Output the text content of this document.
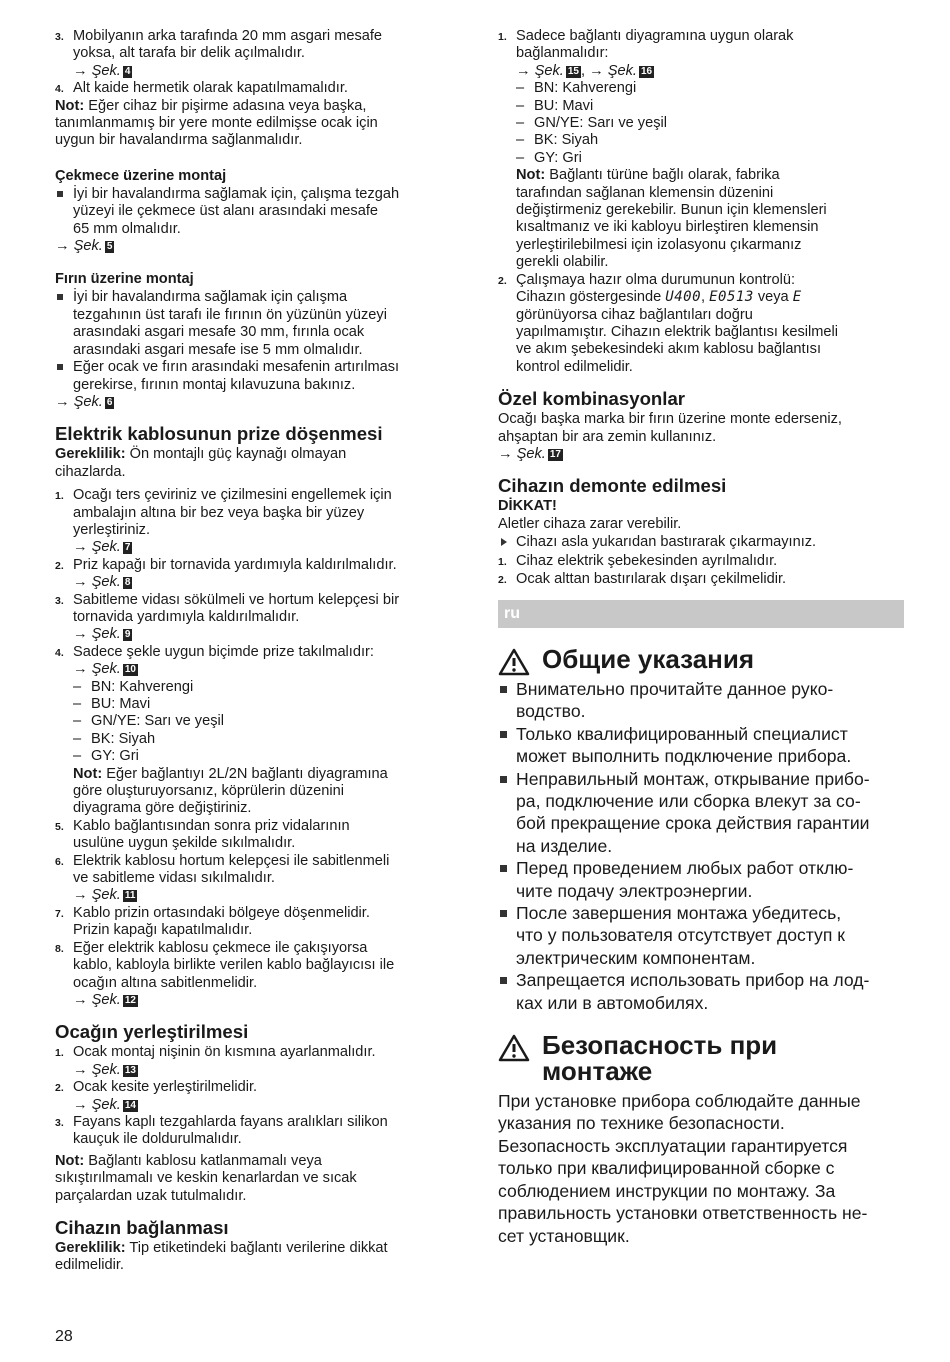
3. Mobilyanın arka tarafında 20 mm asgari mesafe
yoksa, alt tarafa bir delik açılmalıdır.
→ Şek. 4
4. Alt kaide hermetik olarak kapatılmamalıdır.
Not: Eğer cihaz bir pişirme adasına veya başka,
tanımlanmamış bir yere monte edilmişse ocak için
uygun bir havalandırma sağlanmalıdır.
Çekmece üzerine montaj
İyi bir havalandırma sağlamak için, çalışma tezgah
yüzeyi ile çekmece üst alanı arasındaki mesafe
65 mm olmalıdır.
→ Şek. 5
Fırın üzerine montaj
İyi bir havalandırma sağlamak için çalışma
tezgahının üst tarafı ile fırının ön yüzünün yüzeyi
arasındaki asgari mesafe 30 mm, fırınla ocak
arasındaki asgari mesafe ise 5 mm olmalıdır.
Eğer ocak ve fırın arasındaki mesafenin artırılması
gerekirse, fırının montaj kılavuzuna bakınız.
→ Şek. 6
Elektrik kablosunun prize döşenmesi
Gereklilik: Ön montajlı güç kaynağı olmayan
cihazlarda.
1. Ocağı ters çeviriniz ve çizilmesini engellemek için
ambalajın altına bir bez veya başka bir yüzey
yerleştiriniz.
→ Şek. 7
2. Priz kapağı bir tornavida yardımıyla kaldırılmalıdır.
→ Şek. 8
3. Sabitleme vidası sökülmeli ve hortum kelepçesi bir
tornavida yardımıyla kaldırılmalıdır.
→ Şek. 9
4. Sadece şekle uygun biçimde prize takılmalıdır:
→ Şek. 10
– BN: Kahverengi
– BU: Mavi
– GN/YE: Sarı ve yeşil
– BK: Siyah
– GY: Gri
Not: Eğer bağlantıyı 2L/2N bağlantı diyagramına
göre oluşturuyorsanız, köprülerin düzenini
diyagrama göre değiştiriniz.
5. Kablo bağlantısından sonra priz vidalarının
usulüne uygun şekilde sıkılmalıdır.
6. Elektrik kablosu hortum kelepçesi ile sabitlenmeli
ve sabitleme vidası sıkılmalıdır.
→ Şek. 11
7. Kablo prizin ortasındaki bölgeye döşenmelidir.
Prizin kapağı kapatılmalıdır.
8. Eğer elektrik kablosu çekmece ile çakışıyorsa
kablo, kabloyla birlikte verilen kablo bağlayıcısı ile
ocağın altına sabitlenmelidir.
→ Şek. 12
Ocağın yerleştirilmesi
1. Ocak montaj nişinin ön kısmına ayarlanmalıdır.
→ Şek. 13
2. Ocak kesite yerleştirilmelidir.
→ Şek. 14
3. Fayans kaplı tezgahlarda fayans aralıkları silikon
kauçuk ile doldurulmalıdır.
Not: Bağlantı kablosu katlanmamalı veya
sıkıştırılmamalı ve keskin kenarlardan ve sıcak
parçalardan uzak tutulmalıdır.
Cihazın bağlanması
Gereklilik: Tip etiketindeki bağlantı verilerine dikkat
edilmelidir.
1. Sadece bağlantı diyagramına uygun olarak
bağlanmalıdır:
→ Şek. 15 , → Şek. 16
– BN: Kahverengi
– BU: Mavi
– GN/YE: Sarı ve yeşil
– BK: Siyah
– GY: Gri
Not: Bağlantı türüne bağlı olarak, fabrika
tarafından sağlanan klemensin düzenini
değiştirmeniz gerekebilir. Bunun için klemensleri
kısaltmanız ve iki kabloyu birleştiren klemensin
yerleştirilebilmesi için izolasyonu çıkarmanız
gerekli olabilir.
2. Çalışmaya hazır olma durumunun kontrolü:
Cihazın göstergesinde U400, E0513 veya E
görünüyorsa cihaz bağlantıları doğru
yapılmamıştır. Cihazın elektrik bağlantısı kesilmeli
ve akım şebekesindeki akım kablosu bağlantısı
kontrol edilmelidir.
Özel kombinasyonlar
Ocağı başka marka bir fırın üzerine monte ederseniz,
ahşaptan bir ara zemin kullanınız.
→ Şek. 17
Cihazın demonte edilmesi
DİKKAT!
Aletler cihaza zarar verebilir.
Cihazı asla yukarıdan bastırarak çıkarmayınız.
1. Cihaz elektrik şebekesinden ayrılmalıdır.
2. Ocak alttan bastırılarak dışarı çekilmelidir.
ru
Общие указания
Внимательно прочитайте данное руко-
водство.
Только квалифицированный специалист
может выполнить подключение прибора.
Неправильный монтаж, открывание прибо-
ра, подключение или сборка влекут за со-
бой прекращение срока действия гарантии
на изделие.
Перед проведением любых работ отклю-
чите подачу электроэнергии.
После завершения монтажа убедитесь,
что у пользователя отсутствует доступ к
электрическим компонентам.
Запрещается использовать прибор на лод-
ках или в автомобилях.
Безопасность при
монтаже
При установке прибора соблюдайте данные
указания по технике безопасности.
Безопасность эксплуатации гарантируется
только при квалифицированной сборке с
соблюдением инструкции по монтажу. За
правильность установки ответственность не-
сет установщик.
28
